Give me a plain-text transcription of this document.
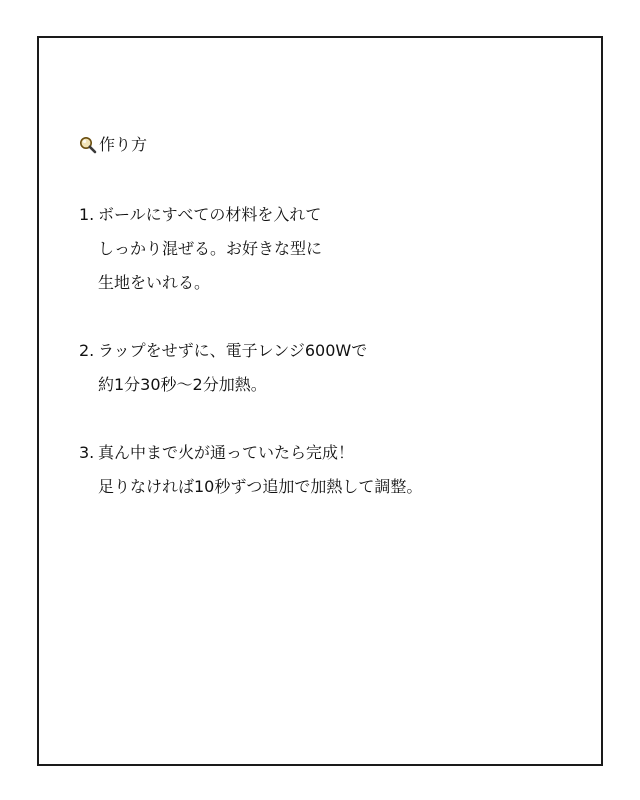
作り方
1. ボールにすべての材料を入れて
しっかり混ぜる。お好きな型に
生地をいれる。
2. ラップをせずに、電子レンジ600Wで
約1分30秒〜2分加熱。
3. 真ん中まで火が通っていたら完成！
足りなければ10秒ずつ追加で加熱して調整。
